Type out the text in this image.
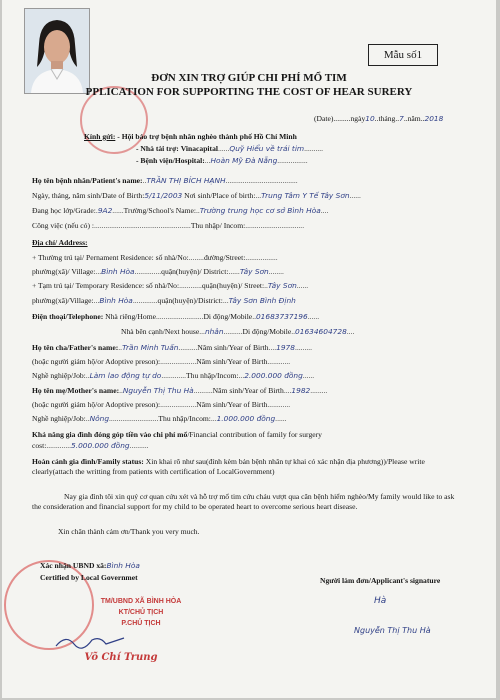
Mẫu số1
ĐƠN XIN TRỢ GIÚP CHI PHÍ MỔ TIM
PPLICATION FOR SUPPORTING THE COST OF HEAR SURERY
(Date).........ngày10..tháng..7..năm..2018
Kính gửi: - Hội bảo trợ bệnh nhân nghèo thành phố Hồ Chí Minh
- Nhà tài trợ: Vinacapital......Quỹ Hiểu về trái tim..........
- Bệnh viện/Hospital:...Hoàn Mỹ Đà Nẵng................
Họ tên bệnh nhân/Patient's name:..TRẦN THỊ BÍCH HẠNH......................................
Ngày, tháng, năm sinh/Date of Birth:5/11/2003 Nơi sinh/Place of birth:...Trung Tâm Y Tế Tây Sơn......
Đang học lớp/Grade:.9A2......Trường/School's Name:..Trường trung học cơ sở Bình Hòa....
Công việc (nếu có) :...................................................Thu nhập/ Incom:...............................
Địa chỉ/ Address:
+ Thường trú tại/ Pernament Residence: số nhà/No:........đường/Street:.................
phường(xã)/ Village:...Bình Hòa..............quận(huyện)/ District:......Tây Sơn........
+ Tạm trú tại/ Temporary Residence: số nhà/No:............quận(huyện)/ Street:..Tây Sơn......
phường(xã)/Village:...Bình Hòa.............quận(huyện)/District:...Tây Sơn Bình Định
Điện thoại/Telephone: Nhà riêng/Home.........................Di động/Mobile..01683737196......
Nhà bên cạnh/Next house...nhân..........Di động/Mobile..01634604728....
Họ tên cha/Father's name:..Trần Minh Tuấn..........Năm sinh/Year of Birth....1978.........
(hoặc người giám hộ/or Adoptive preson):...................Năm sinh/Year of Birth............
Nghề nghiệp/Job:..Làm lao động tự do.............Thu nhập/Incom:...2.000.000 đồng......
Họ tên mẹ/Mother's name:..Nguyễn Thị Thu Hà..........Năm sinh/Year of Birth....1982.........
(hoặc người giám hộ/or Adoptive preson):...................Năm sinh/Year of Birth............
Nghề nghiệp/Job:..Nông..........................Thu nhập/Incom:...1.000.000 đồng......
Khả năng gia đình đóng góp tiền vào chi phí mổ/Financial contribution of family for surgery
cost:.............5.000.000 đồng..........
Hoàn cảnh gia đình/Family status: Xin khai rõ như sau(đính kèm bản bệnh nhân tự khai có xác nhận địa phương))/Please write clearly(attach the writting from patients with certification of LocalGovernment)
Nay gia đình tôi xin quý cơ quan cứu xét và hỗ trợ mổ tim cứu cháu vượt qua căn bệnh hiểm nghèo/My family would like to ask the consideration and financial support for my child to be operated heart to overcome serious heart disease.
Xin chân thành cảm ơn/Thank you very much.
Xác nhận UBND xã:Bình Hòa
Certified by Local Governmet
TM/UBND XÃ BÌNH HÒA
KT/CHỦ TỊCH
P.CHỦ TỊCH
Võ Chí Trung
Người làm đơn/Applicant's signature
Hà
Nguyễn Thị Thu Hà
